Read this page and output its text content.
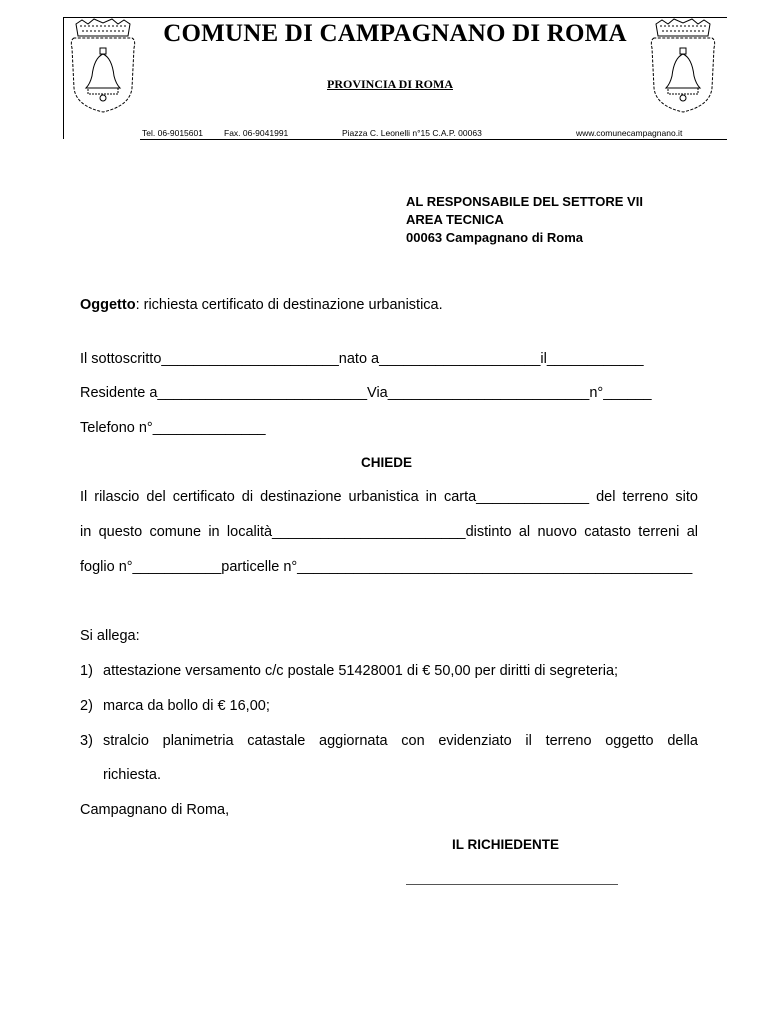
COMUNE DI CAMPAGNANO DI ROMA
PROVINCIA DI ROMA
Tel. 06-9015601 Fax. 06-9041991	Piazza C. Leonelli n°15 C.A.P. 00063	www.comunecampagnano.it
AL RESPONSABILE DEL SETTORE VII
AREA TECNICA
00063 Campagnano di Roma
Oggetto: richiesta certificato di destinazione urbanistica.
Il sottoscritto______________________nato a____________________il____________
Residente a__________________________Via_________________________n°______
Telefono n°______________
CHIEDE
Il rilascio del certificato di destinazione urbanistica in carta______________ del terreno sito
in questo comune in località________________________distinto al nuovo catasto terreni al
foglio n°___________particelle n°_________________________________________________
Si allega:
1) attestazione versamento c/c postale 51428001 di € 50,00 per diritti di segreteria;
2) marca da bollo di € 16,00;
3) stralcio planimetria catastale aggiornata con evidenziato il terreno oggetto della
richiesta.
Campagnano di Roma,
IL RICHIEDENTE
